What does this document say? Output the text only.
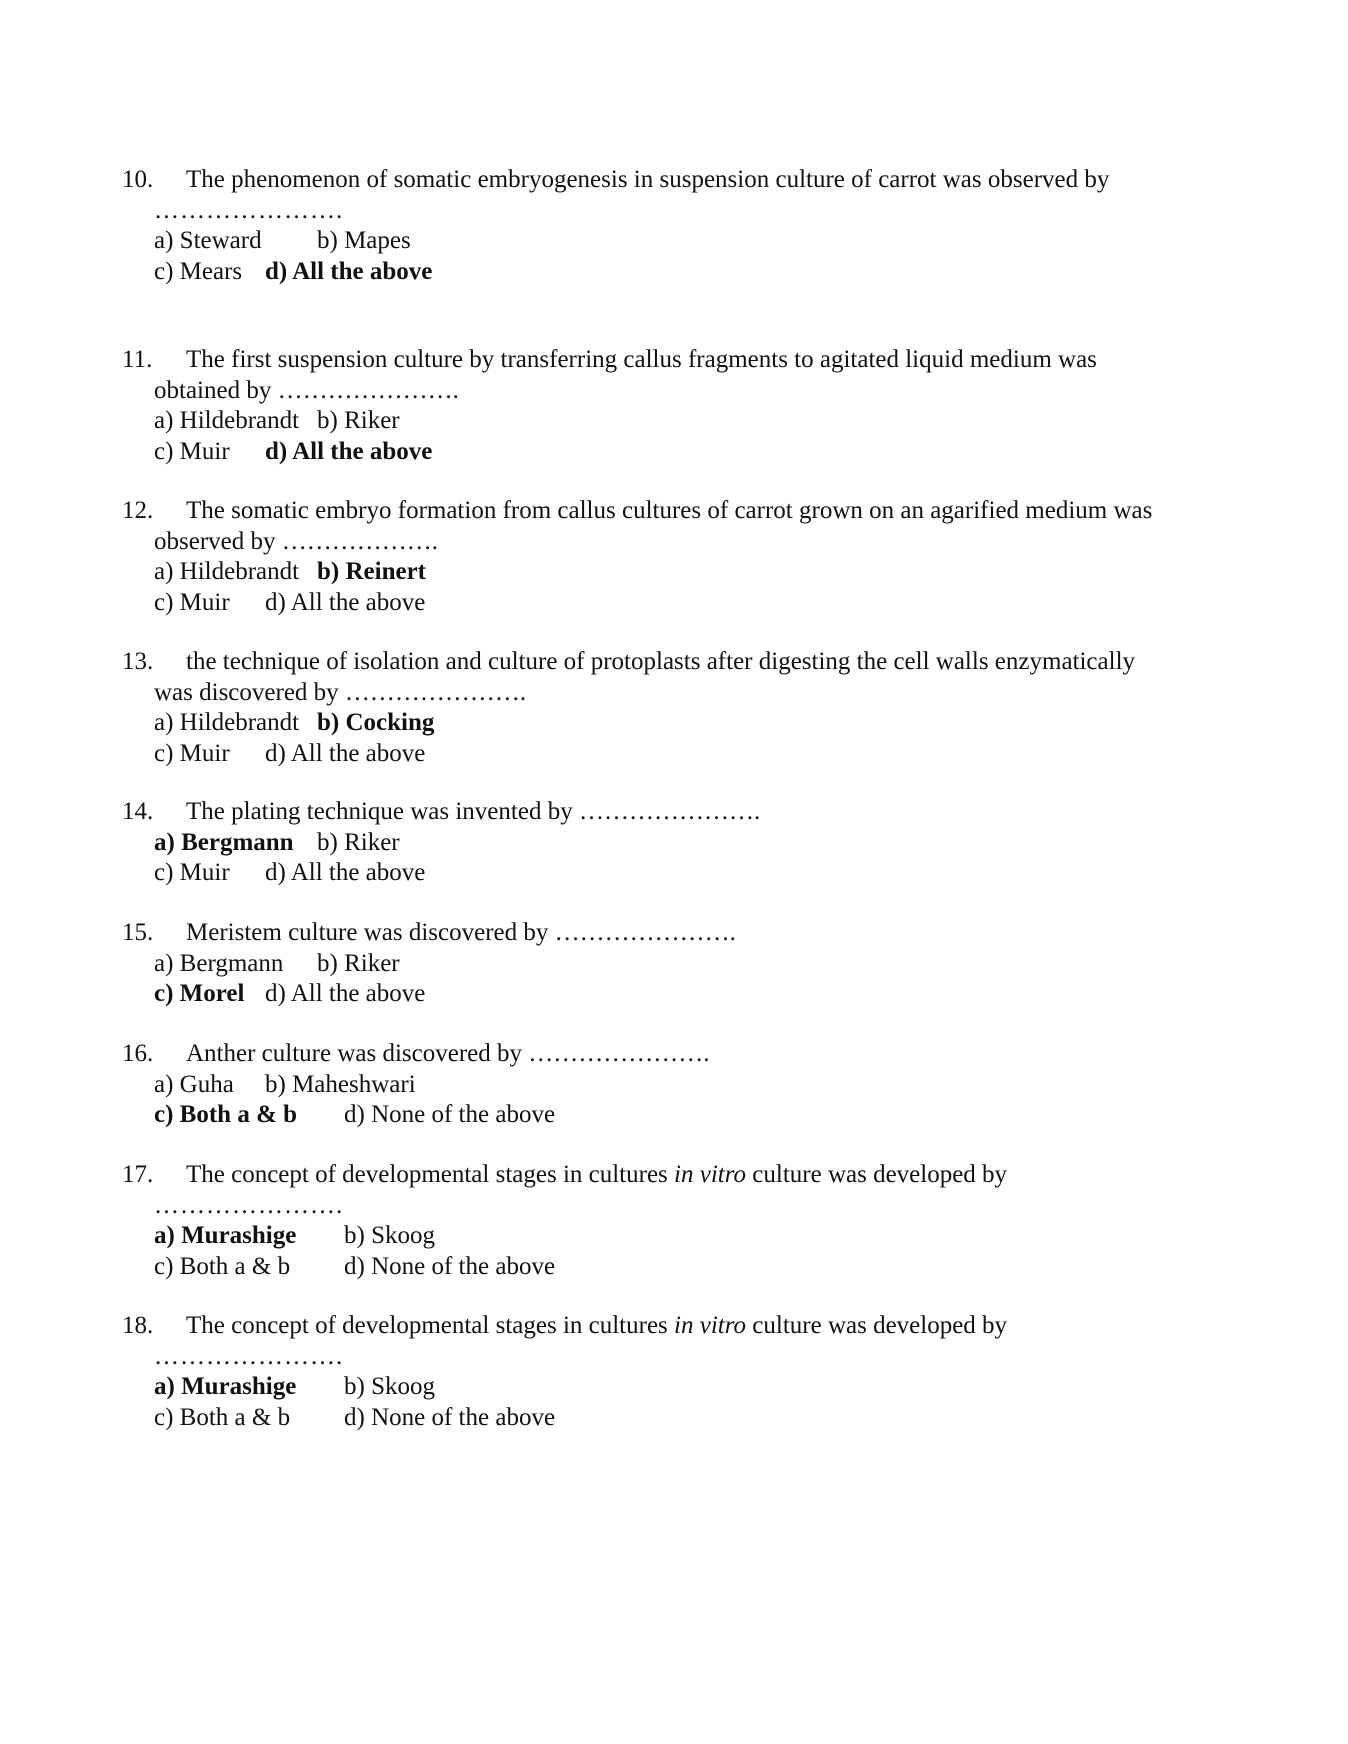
10. The phenomenon of somatic embryogenesis in suspension culture of carrot was observed by
………………….
a) Steward b) Mapes
c) Mears d) All the above
11. The first suspension culture by transferring callus fragments to agitated liquid medium was
obtained by ………………….
a) Hildebrandt b) Riker
c) Muir d) All the above
12. The somatic embryo formation from callus cultures of carrot grown on an agarified medium was
observed by ……………….
a) Hildebrandt b) Reinert
c) Muir d) All the above
13. the technique of isolation and culture of protoplasts after digesting the cell walls enzymatically
was discovered by ………………….
a) Hildebrandt b) Cocking
c) Muir d) All the above
14. The plating technique was invented by ………………….
a) Bergmann b) Riker
c) Muir d) All the above
15. Meristem culture was discovered by ………………….
a) Bergmann b) Riker
c) Morel d) All the above
16. Anther culture was discovered by ………………….
a) Guha b) Maheshwari
c) Both a & b d) None of the above
17. The concept of developmental stages in cultures in vitro culture was developed by
………………….
a) Murashige b) Skoog
c) Both a & b d) None of the above
18. The concept of developmental stages in cultures in vitro culture was developed by
………………….
a) Murashige b) Skoog
c) Both a & b d) None of the above
